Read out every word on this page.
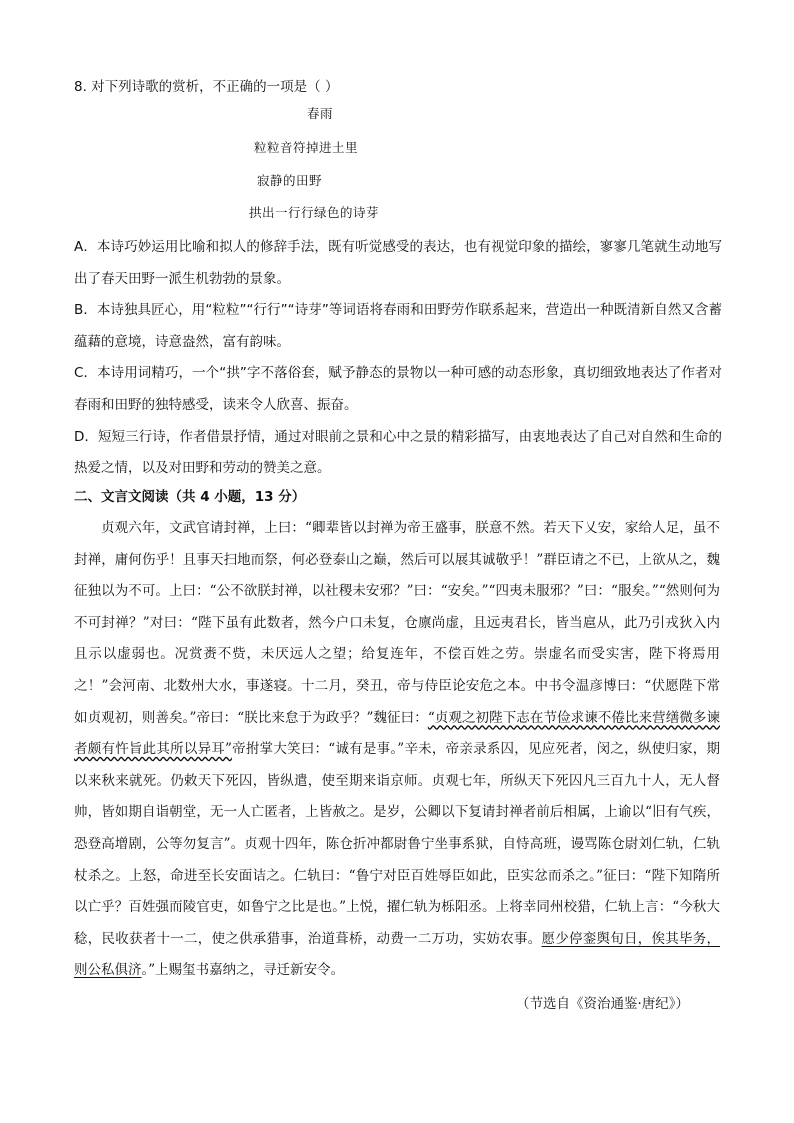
8. 对下列诗歌的赏析，不正确的一项是（ ）
春雨
粒粒音符掉进土里
寂静的田野
拱出一行行绿色的诗芽

A．本诗巧妙运用比喻和拟人的修辞手法，既有听觉感受的表达，也有视觉印象的描绘，寥寥几笔就生动地写出了春天田野一派生机勃勃的景象。

B．本诗独具匠心，用“粒粒”“行行”“诗芽”等词语将春雨和田野劳作联系起来，营造出一种既清新自然又含蓄蕴藉的意境，诗意盎然，富有韵味。

C．本诗用词精巧，一个“拱”字不落俗套，赋予静态的景物以一种可感的动态形象，真切细致地表达了作者对春雨和田野的独特感受，读来令人欣喜、振奋。

D．短短三行诗，作者借景抒情，通过对眼前之景和心中之景的精彩描写，由衷地表达了自己对自然和生命的热爱之情，以及对田野和劳动的赞美之意。

二、文言文阅读（共 4 小题，13 分）

贞观六年，文武官请封禅，上曰：“卿辈皆以封禅为帝王盛事，朕意不然。若天下乂安，家给人足，虽不封禅，庸何伤乎！且事天扫地而祭，何必登泰山之巅，然后可以展其诚敬乎！”群臣请之不已，上欲从之，魏征独以为不可。上曰：“公不欲朕封禅，以社稷未安邪？”曰：“安矣。”“四夷未服邪？”曰：“服矣。”“然则何为不可封禅？”对曰：“陛下虽有此数者，然今户口未复，仓廪尚虚，且远夷君长，皆当扈从，此乃引戎狄入内且示以虚弱也。况赏赉不赀，未厌远人之望；给复连年，不偿百姓之劳。崇虚名而受实害，陛下将焉用之！”会河南、北数州大水，事遂寝。十二月，癸丑，帝与侍臣论安危之本。中书令温彦博曰：“伏愿陛下常如贞观初，则善矣。”帝曰：“朕比来怠于为政乎？”魏征曰：“贞观之初陛下志在节俭求谏不倦比来营缮微多谏者颇有忤旨此其所以异耳”帝拊掌大笑曰：“诚有是事。”辛未，帝亲录系囚，见应死者，闵之，纵使归家，期以来秋来就死。仍敕天下死囚，皆纵遣，使至期来诣京师。贞观七年，所纵天下死囚凡三百九十人，无人督帅，皆如期自诣朝堂，无一人亡匿者，上皆赦之。是岁，公卿以下复请封禅者前后相属，上谕以“旧有气疾，恐登高增剧，公等勿复言”。贞观十四年，陈仓折冲都尉鲁宁坐事系狱，自恃高班，谩骂陈仓尉刘仁轨，仁轨杖杀之。上怒，命进至长安面诘之。仁轨曰：“鲁宁对臣百姓辱臣如此，臣实忿而杀之。”征曰：“陛下知隋所以亡乎？百姓强而陵官吏，如鲁宁之比是也。”上悦，擢仁轨为栎阳丞。上将幸同州校猎，仁轨上言：“今秋大稔，民收获者十一二，使之供承猎事，治道葺桥，动费一二万功，实妨农事。愿少停銮舆旬日，俟其毕务，则公私俱济。”上赐玺书嘉纳之，寻迁新安令。

（节选自《资治通鉴·唐纪》）
